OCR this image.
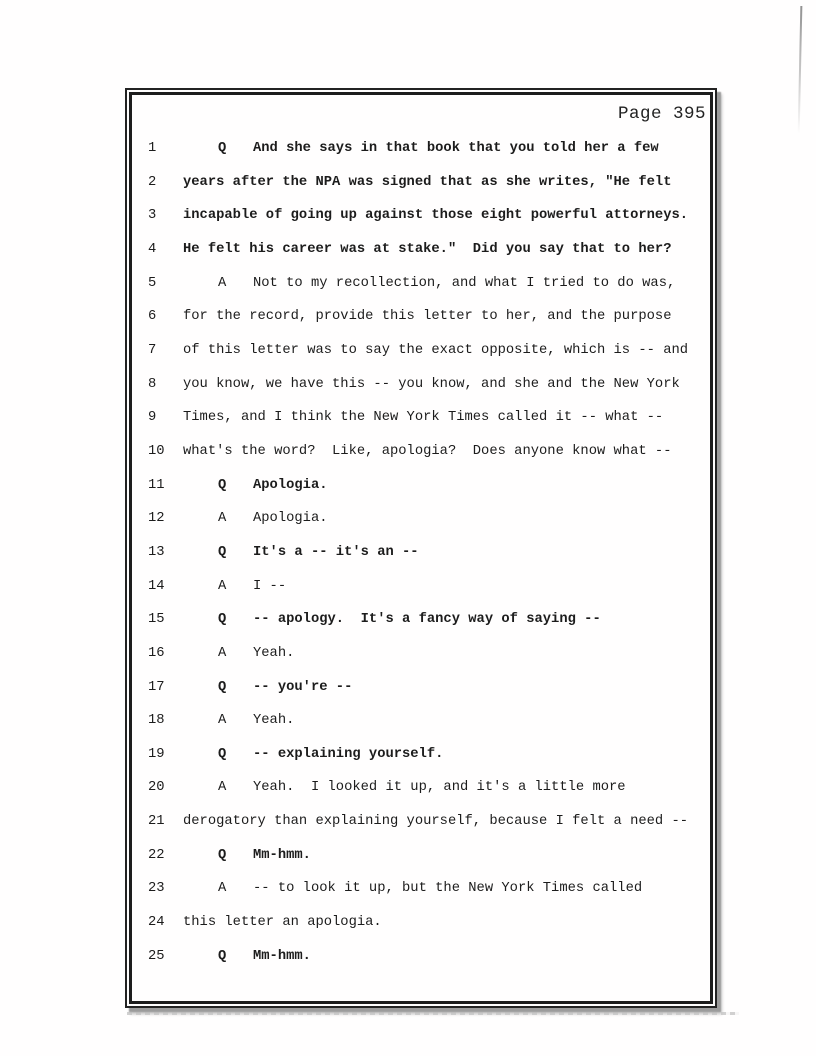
Page 395
1	Q	And she says in that book that you told her a few
2	years after the NPA was signed that as she writes, "He felt
3	incapable of going up against those eight powerful attorneys.
4	He felt his career was at stake."  Did you say that to her?
5	A	Not to my recollection, and what I tried to do was,
6	for the record, provide this letter to her, and the purpose
7	of this letter was to say the exact opposite, which is -- and
8	you know, we have this -- you know, and she and the New York
9	Times, and I think the New York Times called it -- what --
10	what's the word?  Like, apologia?  Does anyone know what --
11	Q	Apologia.
12	A	Apologia.
13	Q	It's a -- it's an --
14	A	I --
15	Q	-- apology.  It's a fancy way of saying --
16	A	Yeah.
17	Q	-- you're --
18	A	Yeah.
19	Q	-- explaining yourself.
20	A	Yeah.  I looked it up, and it's a little more
21	derogatory than explaining yourself, because I felt a need --
22	Q	Mm-hmm.
23	A	-- to look it up, but the New York Times called
24	this letter an apologia.
25	Q	Mm-hmm.
